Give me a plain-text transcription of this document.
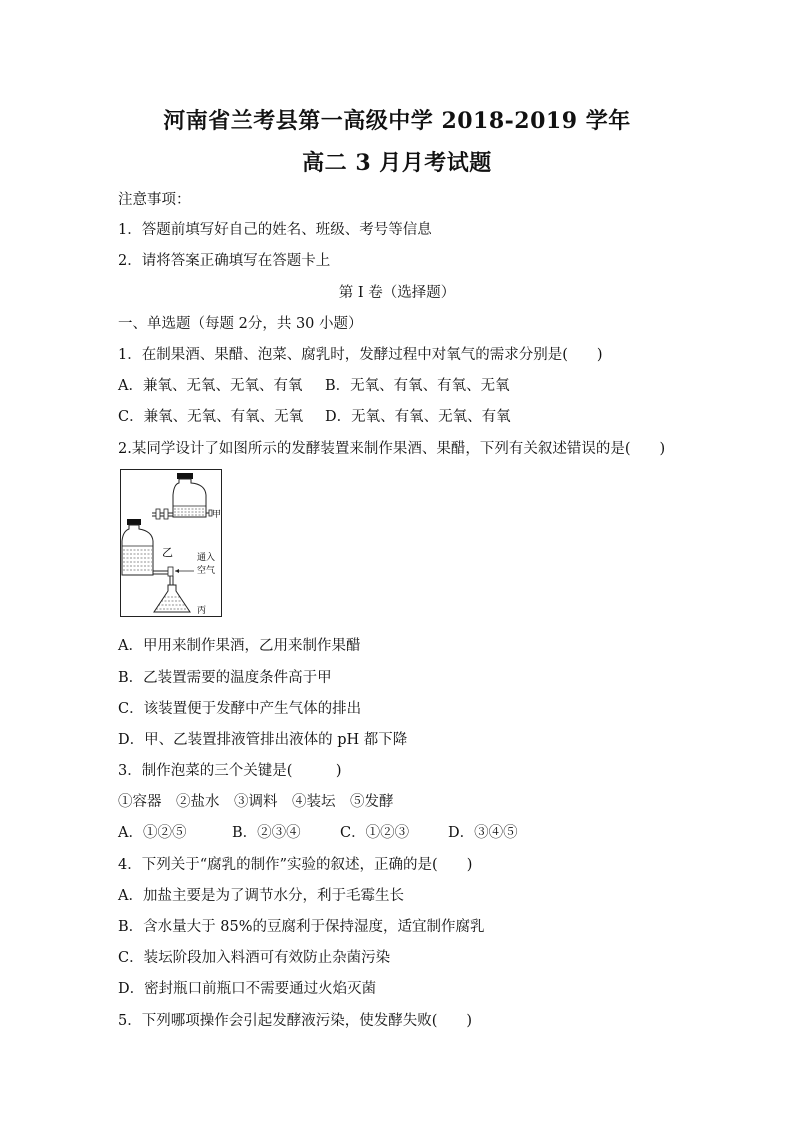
河南省兰考县第一高级中学 2018-2019 学年
高二 3 月月考试题
注意事项：
1．答题前填写好自己的姓名、班级、考号等信息
2．请将答案正确填写在答题卡上
第 I 卷（选择题）
一、单选题（每题 2分，共 30 小题）
1．在制果酒、果醋、泡菜、腐乳时，发酵过程中对氧气的需求分别是(　　)
A．兼氧、无氧、无氧、有氧 B．无氧、有氧、有氧、无氧
C．兼氧、无氧、有氧、无氧 D．无氧、有氧、无氧、有氧
2.某同学设计了如图所示的发酵装置来制作果酒、果醋，下列有关叙述错误的是(　　)
甲
乙	通入
空气
丙
A．甲用来制作果酒，乙用来制作果醋
B．乙装置需要的温度条件高于甲
C．该装置便于发酵中产生气体的排出
D．甲、乙装置排液管排出液体的 pH 都下降
3．制作泡菜的三个关键是(　　　)
①容器　②盐水　③调料　④装坛　⑤发酵
A．①②⑤	B．②③④	C．①②③	D．③④⑤
4．下列关于“腐乳的制作”实验的叙述，正确的是(　　)
A．加盐主要是为了调节水分，利于毛霉生长
B．含水量大于 85%的豆腐利于保持湿度，适宜制作腐乳
C．装坛阶段加入料酒可有效防止杂菌污染
D．密封瓶口前瓶口不需要通过火焰灭菌
5．下列哪项操作会引起发酵液污染，使发酵失败(　　)
